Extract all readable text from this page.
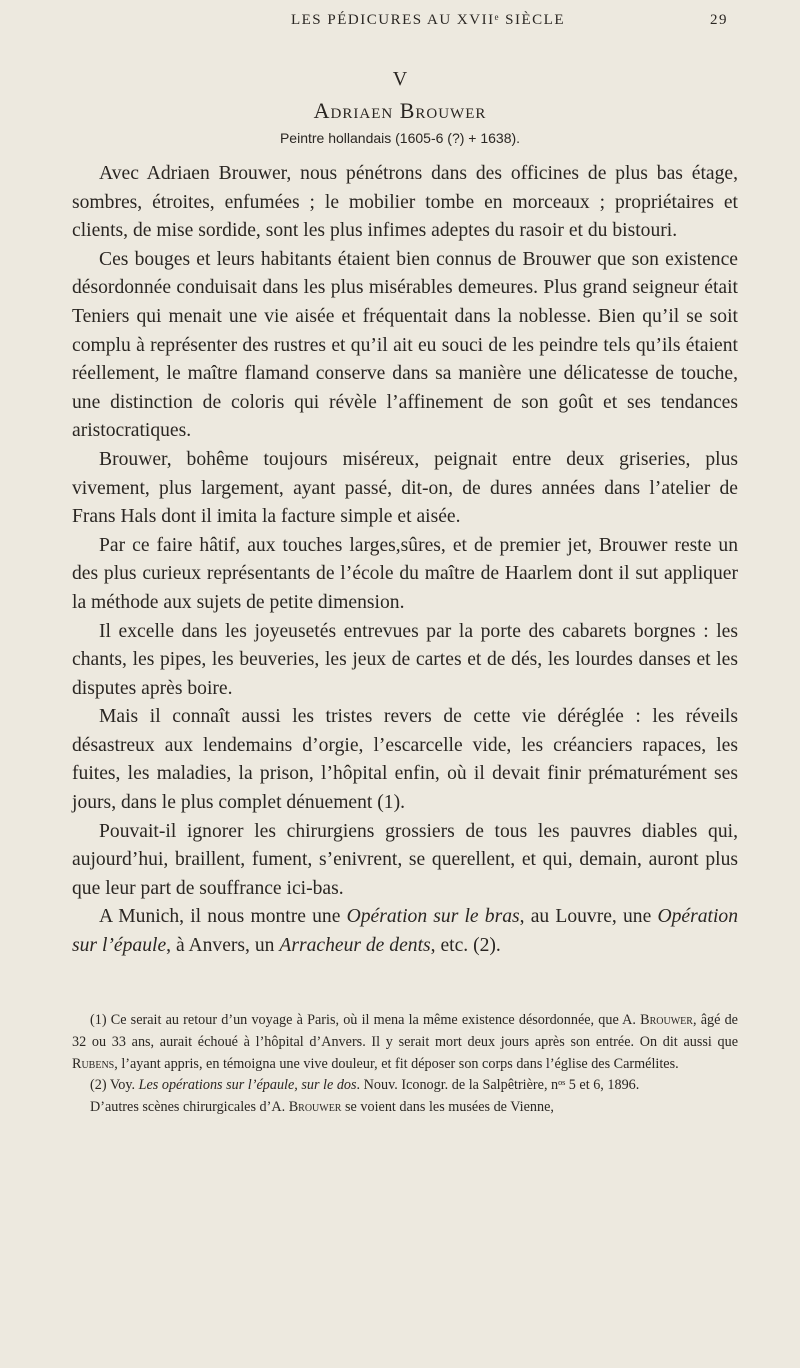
LES PÉDICURES AU XVIIᵉ SIÈCLE	29
V
Adriaen Brouwer
Peintre hollandais (1605-6 (?) + 1638).

Avec Adriaen Brouwer, nous pénétrons dans des officines de plus bas étage, sombres, étroites, enfumées ; le mobilier tombe en morceaux ; propriétaires et clients, de mise sordide, sont les plus infimes adeptes du rasoir et du bistouri.

Ces bouges et leurs habitants étaient bien connus de Brouwer que son existence désordonnée conduisait dans les plus misérables demeures. Plus grand seigneur était Teniers qui menait une vie aisée et fréquentait dans la noblesse. Bien qu’il se soit complu à représenter des rustres et qu’il ait eu souci de les peindre tels qu’ils étaient réellement, le maître flamand conserve dans sa manière une délicatesse de touche, une distinction de coloris qui révèle l’affinement de son goût et ses tendances aristocratiques.

Brouwer, bohême toujours miséreux, peignait entre deux griseries, plus vivement, plus largement, ayant passé, dit-on, de dures années dans l’atelier de Frans Hals dont il imita la facture simple et aisée.

Par ce faire hâtif, aux touches larges,sûres, et de premier jet, Brouwer reste un des plus curieux représentants de l’école du maître de Haarlem dont il sut appliquer la méthode aux sujets de petite dimension.

Il excelle dans les joyeusetés entrevues par la porte des cabarets borgnes : les chants, les pipes, les beuveries, les jeux de cartes et de dés, les lourdes danses et les disputes après boire.

Mais il connaît aussi les tristes revers de cette vie déréglée : les réveils désastreux aux lendemains d’orgie, l’escarcelle vide, les créanciers rapaces, les fuites, les maladies, la prison, l’hôpital enfin, où il devait finir prématurément ses jours, dans le plus complet dénuement (1).

Pouvait-il ignorer les chirurgiens grossiers de tous les pauvres diables qui, aujourd’hui, braillent, fument, s’enivrent, se querellent, et qui, demain, auront plus que leur part de souffrance ici-bas.

A Munich, il nous montre une Opération sur le bras, au Louvre, une Opération sur l’épaule, à Anvers, un Arracheur de dents, etc. (2).

(1) Ce serait au retour d’un voyage à Paris, où il mena la même existence désordonnée, que A. Brouwer, âgé de 32 ou 33 ans, aurait échoué à l’hôpital d’Anvers. Il y serait mort deux jours après son entrée. On dit aussi que Rubens, l’ayant appris, en témoigna une vive douleur, et fit déposer son corps dans l’église des Carmélites.

(2) Voy. Les opérations sur l’épaule, sur le dos. Nouv. Iconogr. de la Salpêtrière, nᵒˢ 5 et 6, 1896.

D’autres scènes chirurgicales d’A. Brouwer se voient dans les musées de Vienne,
